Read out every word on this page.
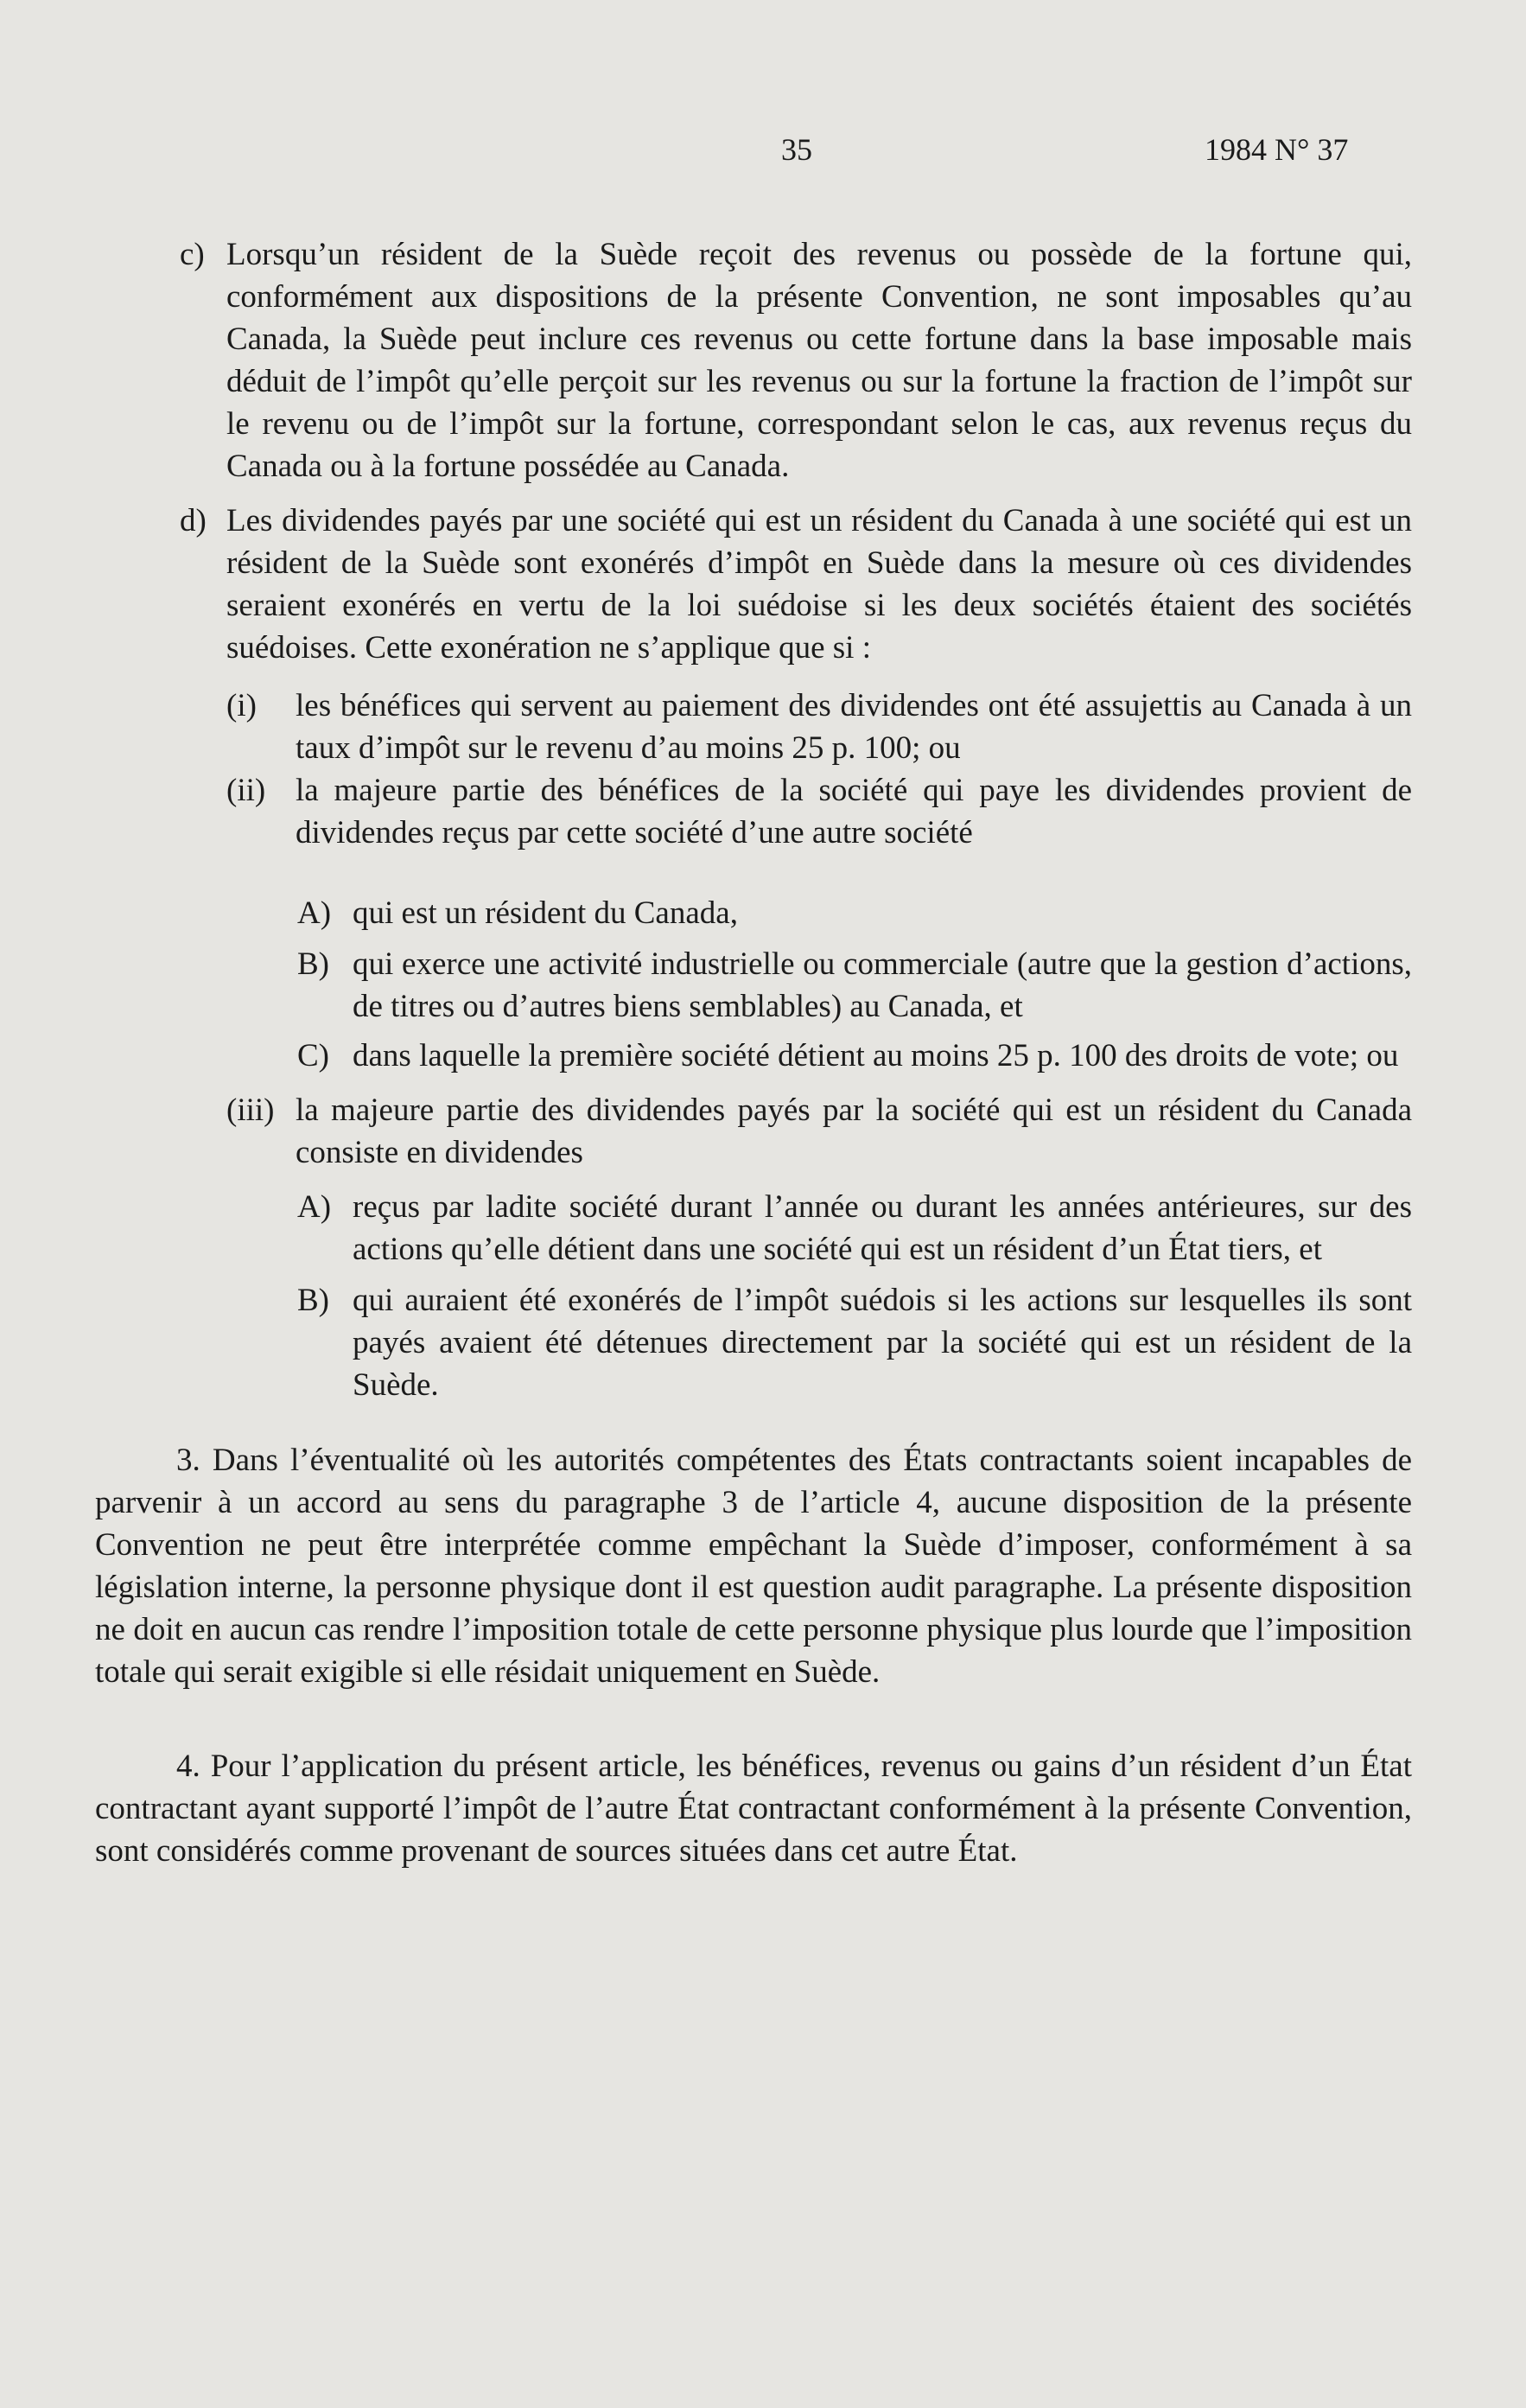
35	1984 N° 37

c) Lorsqu’un résident de la Suède reçoit des revenus ou possède de la fortune qui, conformément aux dispositions de la présente Convention, ne sont imposables qu’au Canada, la Suède peut inclure ces revenus ou cette fortune dans la base imposable mais déduit de l’impôt qu’elle perçoit sur les revenus ou sur la fortune la fraction de l’impôt sur le revenu ou de l’impôt sur la fortune, correspondant selon le cas, aux revenus reçus du Canada ou à la fortune possédée au Canada.

d) Les dividendes payés par une société qui est un résident du Canada à une société qui est un résident de la Suède sont exonérés d’impôt en Suède dans la mesure où ces dividendes seraient exonérés en vertu de la loi suédoise si les deux sociétés étaient des sociétés suédoises. Cette exonération ne s’applique que si :

(i) les bénéfices qui servent au paiement des dividendes ont été assujettis au Canada à un taux d’impôt sur le revenu d’au moins 25 p. 100; ou

(ii) la majeure partie des bénéfices de la société qui paye les dividendes provient de dividendes reçus par cette société d’une autre société

A) qui est un résident du Canada,

B) qui exerce une activité industrielle ou commerciale (autre que la gestion d’actions, de titres ou d’autres biens semblables) au Canada, et

C) dans laquelle la première société détient au moins 25 p. 100 des droits de vote; ou

(iii) la majeure partie des dividendes payés par la société qui est un résident du Canada consiste en dividendes

A) reçus par ladite société durant l’année ou durant les années antérieures, sur des actions qu’elle détient dans une société qui est un résident d’un État tiers, et

B) qui auraient été exonérés de l’impôt suédois si les actions sur lesquelles ils sont payés avaient été détenues directement par la société qui est un résident de la Suède.

3. Dans l’éventualité où les autorités compétentes des États contractants soient incapables de parvenir à un accord au sens du paragraphe 3 de l’article 4, aucune disposition de la présente Convention ne peut être interprétée comme empêchant la Suède d’imposer, conformément à sa législation interne, la personne physique dont il est question audit paragraphe. La présente disposition ne doit en aucun cas rendre l’imposition totale de cette personne physique plus lourde que l’imposition totale qui serait exigible si elle résidait uniquement en Suède.

4. Pour l’application du présent article, les bénéfices, revenus ou gains d’un résident d’un État contractant ayant supporté l’impôt de l’autre État contractant conformément à la présente Convention, sont considérés comme provenant de sources situées dans cet autre État.
